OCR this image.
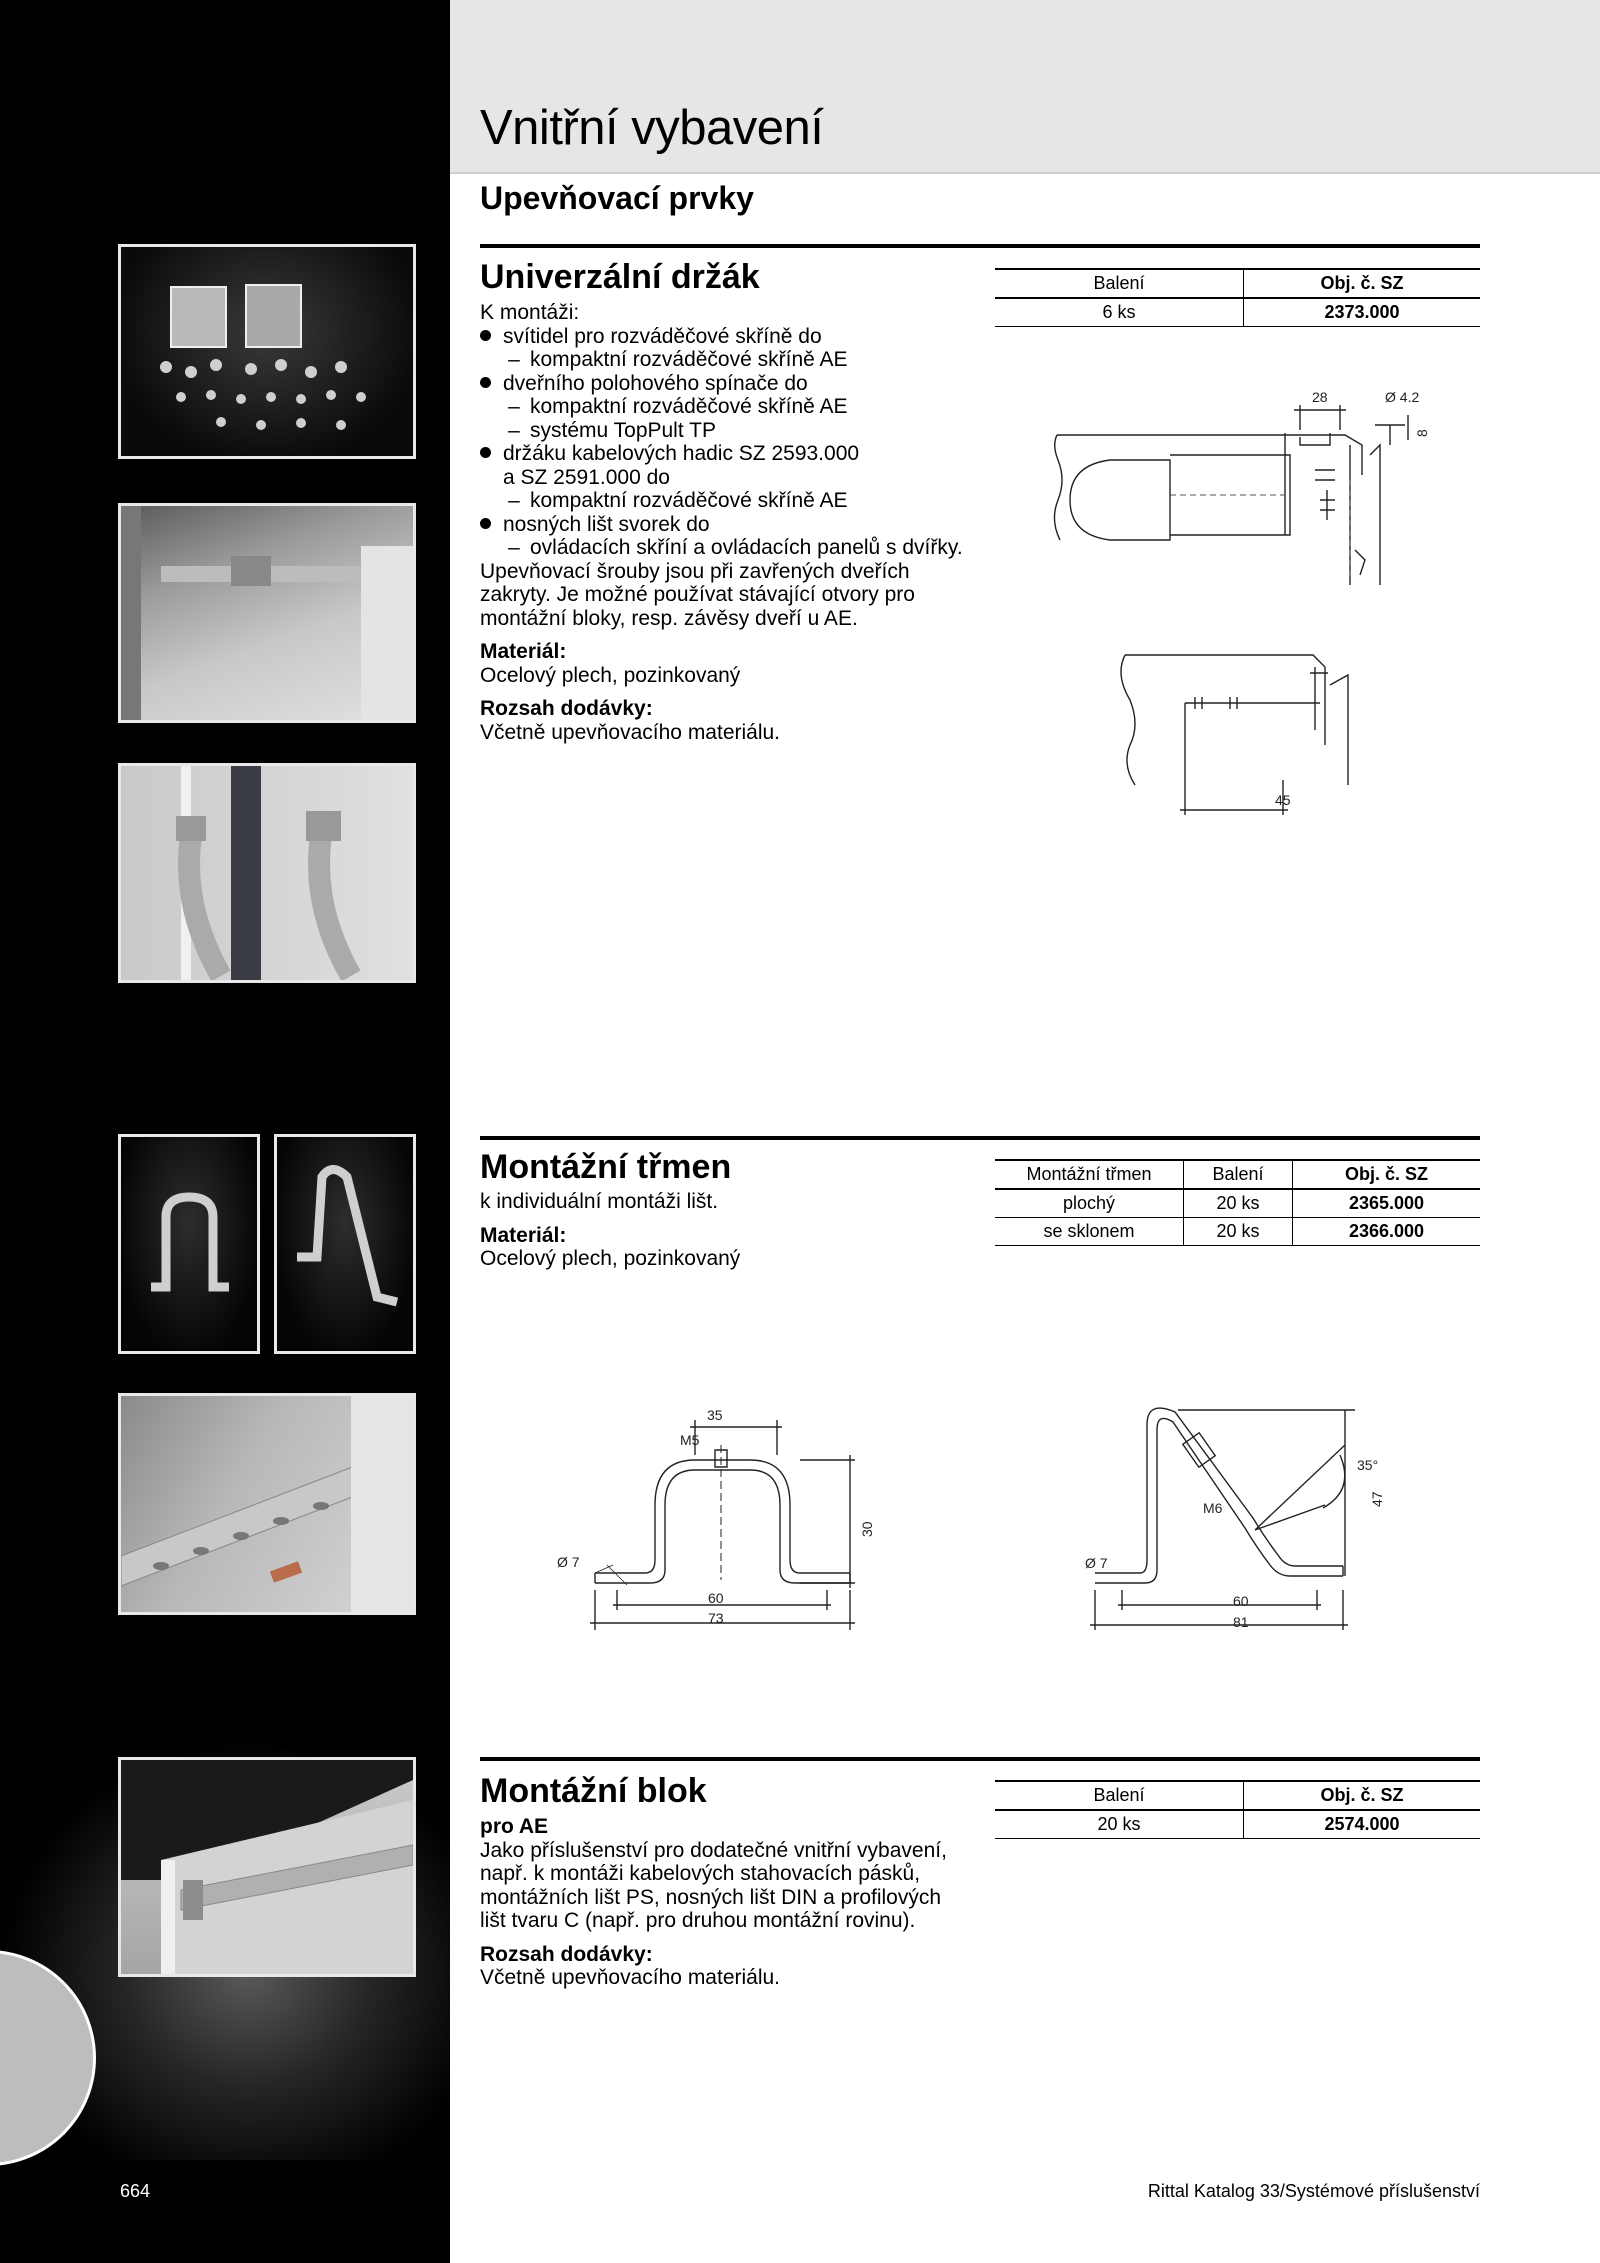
Vnitřní vybavení
Upevňovací prvky
Univerzální držák
K montáži:
svítidel pro rozváděčové skříně do
– kompaktní rozváděčové skříně AE
dveřního polohového spínače do
– kompaktní rozváděčové skříně AE
– systému TopPult TP
držáku kabelových hadic SZ 2593.000
a SZ 2591.000 do
– kompaktní rozváděčové skříně AE
nosných lišt svorek do
– ovládacích skříní a ovládacích panelů s dvířky.
Upevňovací šrouby jsou při zavřených dveřích
zakryty. Je možné používat stávající otvory pro
montážní bloky, resp. závěsy dveří u AE.
Materiál:
Ocelový plech, pozinkovaný
Rozsah dodávky:
Včetně upevňovacího materiálu.
Balení	Obj. č. SZ
6 ks	2373.000
28	Ø 4.2
8
45
Montážní třmen
k individuální montáži lišt.
Materiál:
Ocelový plech, pozinkovaný
Montážní třmen	Balení	Obj. č. SZ
plochý	20 ks	2365.000
se sklonem	20 ks	2366.000
35
M5
30
Ø 7
60
73
35°
M6
47
Ø 7
60
81
Montážní blok
pro AE
Jako příslušenství pro dodatečné vnitřní vybavení,
např. k montáži kabelových stahovacích pásků,
montážních lišt PS, nosných lišt DIN a profilových
lišt tvaru C (např. pro druhou montážní rovinu).
Rozsah dodávky:
Včetně upevňovacího materiálu.
Balení	Obj. č. SZ
20 ks	2574.000
664	Rittal Katalog 33/Systémové příslušenství
